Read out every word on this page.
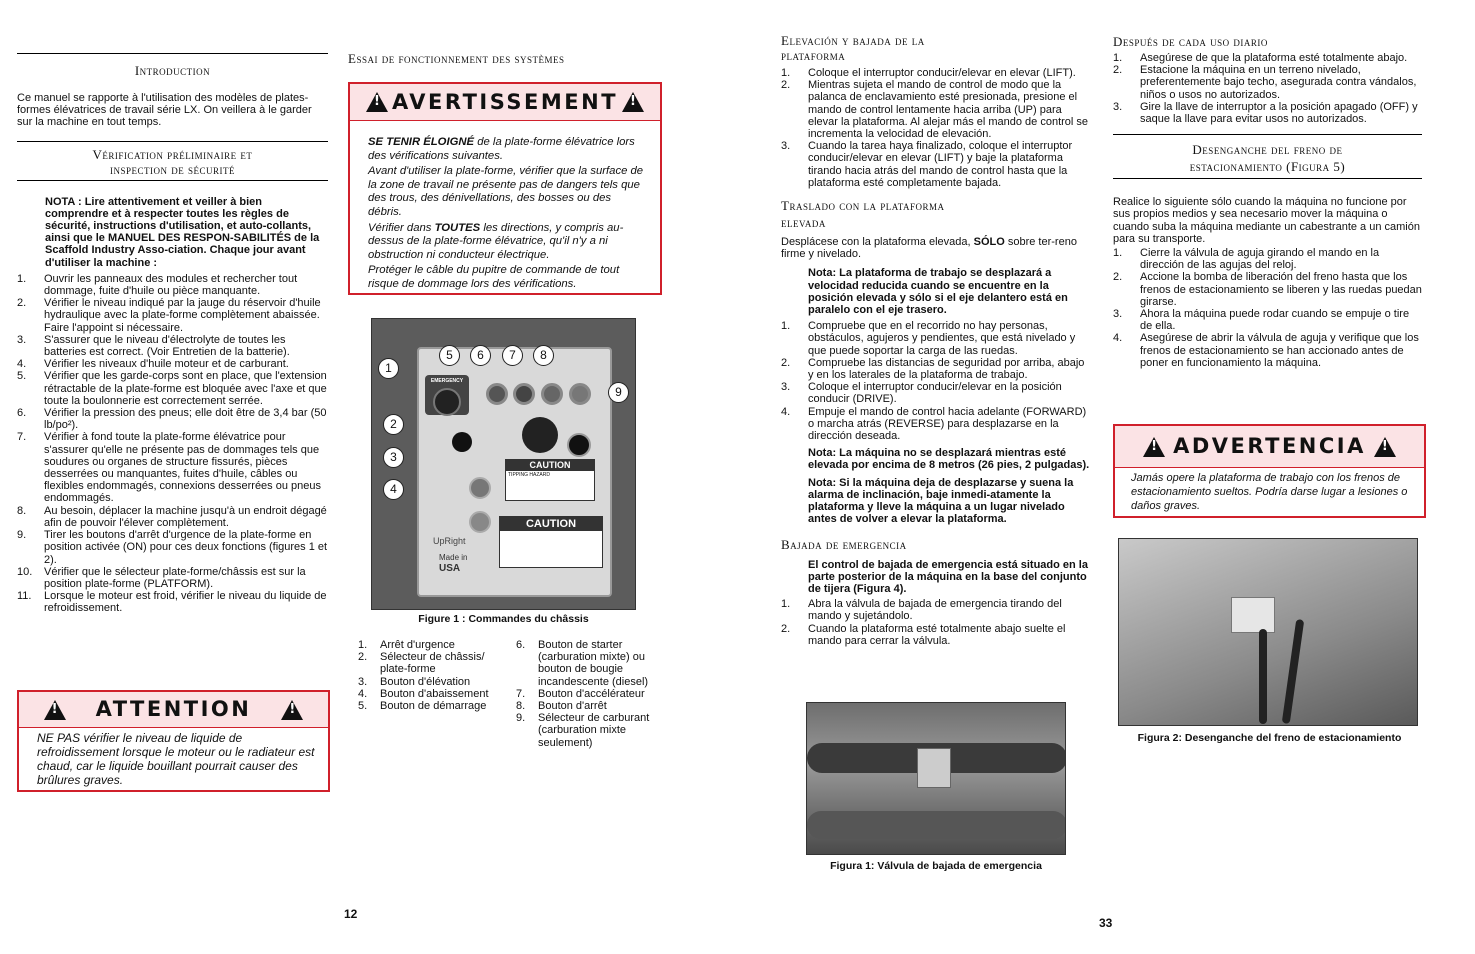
Introduction

Ce manuel se rapporte à l'utilisation des modèles de plates-formes élévatrices de travail série LX. On veillera à le garder sur la machine en tout temps.

Vérification préliminaire et
inspection de sécurité

NOTA : Lire attentivement et veiller à bien comprendre et à respecter toutes les règles de sécurité, instructions d'utilisation, et auto-collants, ainsi que le MANUEL DES RESPON-SABILITÉS de la Scaffold Industry Asso-ciation. Chaque jour avant d'utiliser la machine :

1. Ouvrir les panneaux des modules et rechercher tout dommage, fuite d'huile ou pièce manquante.
2. Vérifier le niveau indiqué par la jauge du réservoir d'huile hydraulique avec la plate-forme complètement abaissée. Faire l'appoint si nécessaire.
3. S'assurer que le niveau d'électrolyte de toutes les batteries est correct. (Voir Entretien de la batterie).
4. Vérifier les niveaux d'huile moteur et de carburant.
5. Vérifier que les garde-corps sont en place, que l'extension rétractable de la plate-forme est bloquée avec l'axe et que toute la boulonnerie est correctement serrée.
6. Vérifier la pression des pneus; elle doit être de 3,4 bar (50 lb/po²).
7. Vérifier à fond toute la plate-forme élévatrice pour s'assurer qu'elle ne présente pas de dommages tels que soudures ou organes de structure fissurés, pièces desserrées ou manquantes, fuites d'huile, câbles ou flexibles endommagés, connexions desserrées ou pneus endommagés.
8. Au besoin, déplacer la machine jusqu'à un endroit dégagé afin de pouvoir l'élever complètement.
9. Tirer les boutons d'arrêt d'urgence de la plate-forme en position activée (ON) pour ces deux fonctions (figures 1 et 2).
10. Vérifier que le sélecteur plate-forme/châssis est sur la position plate-forme (PLATFORM).
11. Lorsque le moteur est froid, vérifier le niveau du liquide de refroidissement.
!
ATTENTION
!
NE PAS vérifier le niveau de liquide de refroidissement lorsque le moteur ou le radiateur est chaud, car le liquide bouillant pourrait causer des brûlures graves.
Essai de fonctionnement des systèmes
!
AVERTISSEMENT
!

SE TENIR ÉLOIGNÉ de la plate-forme élévatrice lors des vérifications suivantes.

Avant d'utiliser la plate-forme, vérifier que la surface de la zone de travail ne présente pas de dangers tels que des trous, des dénivellations, des bosses ou des débris.

Vérifier dans TOUTES les directions, y compris au-dessus de la plate-forme élévatrice, qu'il n'y a ni obstruction ni conducteur électrique.

Protéger le câble du pupitre de commande de tout risque de dommage lors des vérifications.

EMERGENCY
CAUTION
TIPPING HAZARD
CAUTION
UpRight
Made in
USA
1
2
3
4
5	6	7	8
9
Figure 1 : Commandes du châssis
1. Arrêt d'urgence
2. Sélecteur de châssis/ plate-forme
3. Bouton d'élévation
4. Bouton d'abaissement
5. Bouton de démarrage
6. Bouton de starter (carburation mixte) ou bouton de bougie incandescente (diesel)
7. Bouton d'accélérateur
8. Bouton d'arrêt
9. Sélecteur de carburant (carburation mixte seulement)
12
Elevación y bajada de la
plataforma
1. Coloque el interruptor conducir/elevar en elevar (LIFT).
2. Mientras sujeta el mando de control de modo que la palanca de enclavamiento esté presionada, presione el mando de control lentamente hacia arriba (UP) para elevar la plataforma. Al alejar más el mando de control se incrementa la velocidad de elevación.
3. Cuando la tarea haya finalizado, coloque el interruptor conducir/elevar en elevar (LIFT) y baje la plataforma tirando hacia atrás del mando de control hasta que la plataforma esté completamente bajada.
Traslado con la plataforma
elevada

Desplácese con la plataforma elevada, SÓLO sobre ter-reno firme y nivelado.

Nota: La plataforma de trabajo se desplazará a velocidad reducida cuando se encuentre en la posición elevada y sólo si el eje delantero está en paralelo con el eje trasero.

1. Compruebe que en el recorrido no hay personas, obstáculos, agujeros y pendientes, que está nivelado y que puede soportar la carga de las ruedas.
2. Compruebe las distancias de seguridad por arriba, abajo y en los laterales de la plataforma de trabajo.
3. Coloque el interruptor conducir/elevar en la posición conducir (DRIVE).
4. Empuje el mando de control hacia adelante (FORWARD) o marcha atrás (REVERSE) para desplazarse en la dirección deseada.

Nota: La máquina no se desplazará mientras esté elevada por encima de 8 metros (26 pies, 2 pulgadas).

Nota: Si la máquina deja de desplazarse y suena la alarma de inclinación, baje inmedi-atamente la plataforma y lleve la máquina a un lugar nivelado antes de volver a elevar la plataforma.

Bajada de emergencia

El control de bajada de emergencia está situado en la parte posterior de la máquina en la base del conjunto de tijera (Figura 4).

1. Abra la válvula de bajada de emergencia tirando del mando y sujetándolo.
2. Cuando la plataforma esté totalmente abajo suelte el mando para cerrar la válvula.
Figura 1: Válvula de bajada de emergencia
Después de cada uso diario
1. Asegúrese de que la plataforma esté totalmente abajo.
2. Estacione la máquina en un terreno nivelado, preferentemente bajo techo, asegurada contra vándalos, niños o usos no autorizados.
3. Gire la llave de interruptor a la posición apagado (OFF) y saque la llave para evitar usos no autorizados.
Desenganche del freno de
estacionamiento (Figura 5)

Realice lo siguiente sólo cuando la máquina no funcione por sus propios medios y sea necesario mover la máquina o cuando suba la máquina mediante un cabestrante a un camión para su transporte.

1. Cierre la válvula de aguja girando el mando en la dirección de las agujas del reloj.
2. Accione la bomba de liberación del freno hasta que los frenos de estacionamiento se liberen y las ruedas puedan girarse.
3. Ahora la máquina puede rodar cuando se empuje o tire de ella.
4. Asegúrese de abrir la válvula de aguja y verifique que los frenos de estacionamiento se han accionado antes de poner en funcionamiento la máquina.
!
ADVERTENCIA
!
Jamás opere la plataforma de trabajo con los frenos de estacionamiento sueltos. Podría darse lugar a lesiones o daños graves.
Figura 2: Desenganche del freno de estacionamiento
33
